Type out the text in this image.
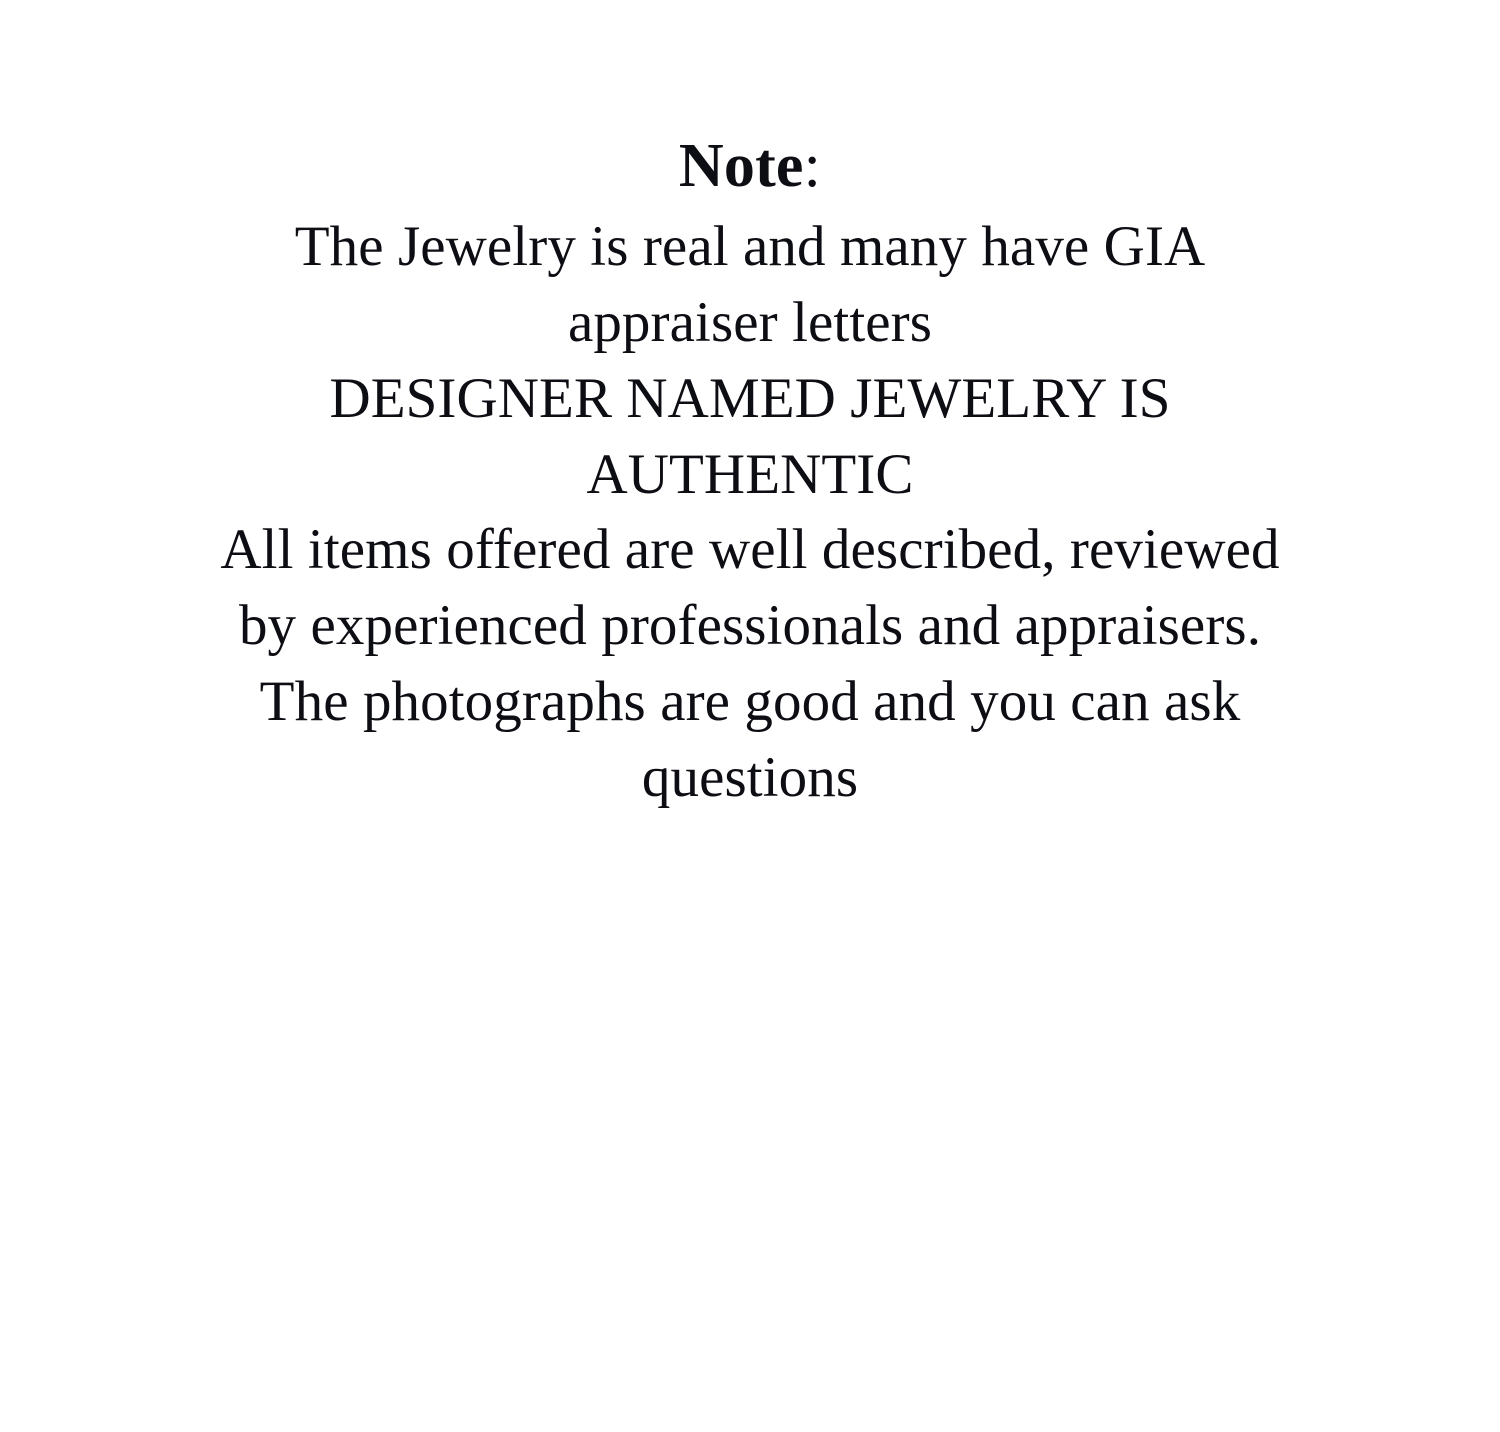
Note:

The Jewelry is real and many have GIA appraiser letters

DESIGNER NAMED JEWELRY IS AUTHENTIC

All items offered are well described, reviewed by experienced professionals and appraisers.

The photographs are good and you can ask questions
